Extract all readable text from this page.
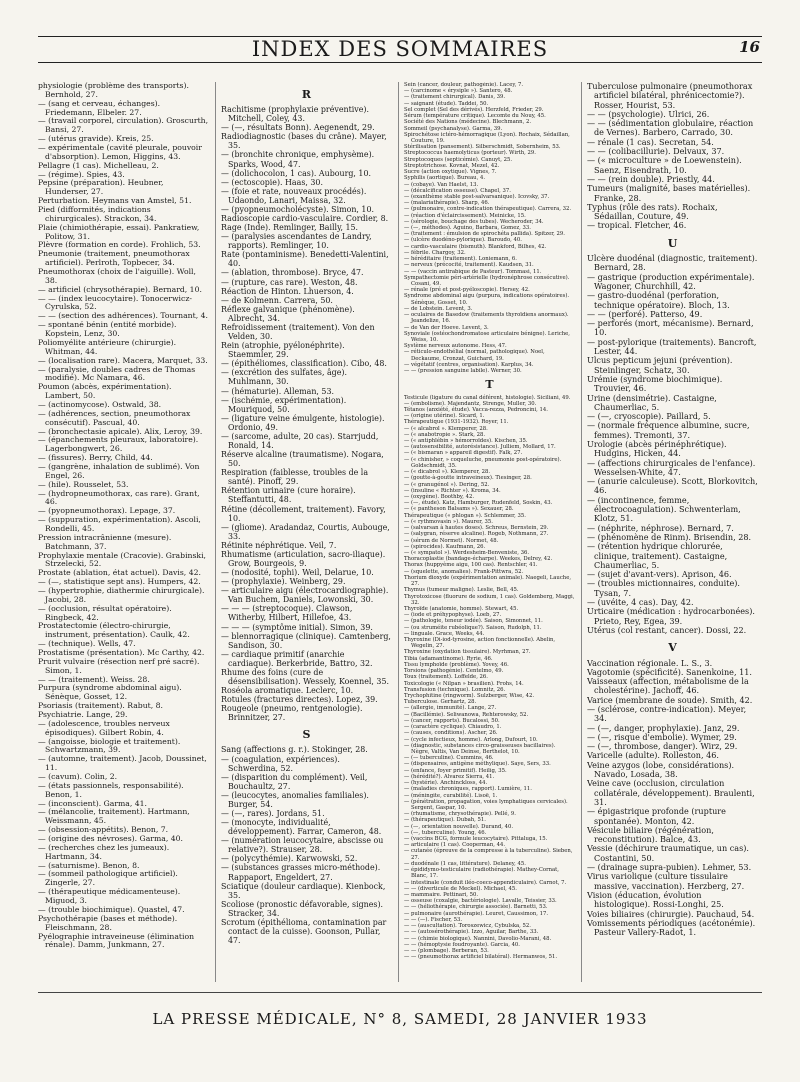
INDEX DES SOMMAIRES	16

physiologie (problème des transports). Bernhold, 27.

— (sang et cerveau, échanges). Friedemann, Elbeler. 27.

— (travail corporel, circulation). Groscurth, Bansi, 27.

— (utérus gravide). Kreis, 25.

— expérimentale (cavité pleurale, pouvoir d'absorption). Lemon, Higgins, 43.

Pellagre (1 cas). Michelleau, 2.

— (régime). Spies, 43.

Pepsine (préparation). Heubner, Hunderser, 27.

Perturbation. Heymans van Amstel, 51.

Pied (difformités, indications chirurgicales). Strackon, 34.

Plaie (chimiothérapie, essai). Pankratiew, Politow, 31.

Plèvre (formation en corde). Frohlich, 53.

Pneumonie (traitement, pneumothorax artificiel). Perlroth, Topbecer, 34.

Pneumothorax (choix de l'aiguille). Woll, 38.

— artificiel (chrysothérapie). Bernard, 10.

— — (index leucocytaire). Tonocerwicz-Cyrulska, 52.

— — (section des adhérences). Tournant, 4.

— spontané bénin (entité morbide). Kopstein, Lenz, 30.

Poliomyélite antérieure (chirurgie). Whitman, 44.

— (localisation rare). Macera, Marquet, 33.

— (paralysie, doubles cadres de Thomas modifié). Mc Namara, 46.

Poumon (abcès, expérimentation). Lambert, 50.

— (actinomycose). Ostwald, 38.

— (adhérences, section, pneumothorax consécutif). Pascual, 40.

— (bronchectasie apicale). Alix, Leroy, 39.

— (épanchements pleuraux, laboratoire). Lagerbongwert, 26.

— (fissures). Berry, Child, 44.

— (gangrène, inhalation de sublimé). Von Engel, 26.

— (hile). Rousselet, 53.

— (hydropneumothorax, cas rare). Grant, 46.

— (pyopneumothorax). Lepage, 37.

— (suppuration, expérimentation). Ascoli, Rondelli, 45.

Pression intracrânienne (mesure). Batchmann, 37.

Prophylaxie mentale (Cracovie). Grabinski, Strzelecki, 52.

Prostate (ablation, état actuel). Davis, 42.

— (—, statistique sept ans). Humpers, 42.

— (hypertrophie, diathermie chirurgicale). Jacobi, 28.

— (occlusion, résultat opératoire). Ringbeck, 42.

Prostatectomie (électro-chirurgie, instrument, présentation). Caulk, 42.

— (technique). Wells, 47.

Prostatisme (présentation). Mc Carthy, 42.

Prurit vulvaire (résection nerf pré sacré). Simon, 1.

— — (traitement). Weiss. 28.

Purpura (syndrome abdominal aigu). Sénèque, Gosset, 12.

Psoriasis (traitement). Rabut, 8.

Psychiatrie. Lange, 29.

— (adolescence, troubles nerveux épisodiques). Gilbert Robin, 4.

— (angoisse, biologie et traitement). Schwartzmann, 39.

— (automne, traitement). Jacob, Doussinet, 11.

— (cavum). Colin, 2.

— (états passionnels, responsabilité). Benon, 1.

— (inconscient). Garma, 41.

— (mélancolie, traitement). Hartmann, Weissmann, 45.

— (obsession-appétits). Benon, 7.

— (origine des névroses). Garma, 40.

— (recherches chez les jumeaux). Hartmann, 34.

— (saturnisme). Benon, 8.

— (sommeil pathologique artificiel). Zingerle, 27.

— (thérapeutique médicamenteuse). Miguod, 3.

— (trouble biochimique). Quastel, 47.

Psychothérapie (bases et méthode). Fleischmann, 28.

Pyélographie intraveineuse (élimination rénale). Damm, Junkmann, 27.

R

Rachitisme (prophylaxie préventive). Mitchell, Coley, 43.

— (—, résultats Bonn). Aegenendt, 29.

Radiodiagnostic (bases du crâne). Mayer, 35.

— (bronchite chronique, emphysème). Sparks, Wood, 47.

— (dolichocolon, 1 cas). Aubourg, 10.

— (ectoscopie). Haas, 30.

— (foie et rate, nouveaux procédés). Udaondo, Lanari, Maissa, 32.

— (pyopneumocholécyste). Simon, 10.

Radioscopie cardio-vasculaire. Cordier, 8.

Rage (Inde). Remlinger, Bailly, 15.

— (paralysies ascendantes de Landry, rapports). Remlinger, 10.

Rate (pontaminisme). Benedetti-Valentini, 40.

— (ablation, thrombose). Bryce, 47.

— (rupture, cas rare). Weston, 48.

Réaction de Hinton. Lhuerson, 4.

— de Kolmenn. Carrera, 50.

Réflexe galvanique (phénomène). Albrecht, 34.

Refroidissement (traitement). Von den Velden, 30.

Rein (atrophie, pyélonéphrite). Staemmler, 29.

— (épithéliomes, classification). Cibo, 48.

— (excrétion des sulfates, âge). Muhlmann, 30.

— (hématurie). Alleman, 53.

— (ischémie, expérimentation). Mouriquod, 50.

— (ligature veine émulgente, histologie). Ordonio, 49.

— (sarcome, adulte, 20 cas). Starrjudd, Ronald, 14.

Réserve alcaline (traumatisme). Nogara, 50.

Respiration (faiblesse, troubles de la santé). Pinoff, 29.

Rétention urinaire (cure horaire). Steffantutti, 48.

Rétine (décollement, traitement). Favory, 10.

— (gliome). Aradandaz, Courtis, Aubouge, 33.

Rétinite néphrétique. Veil, 7.

Rhumatisme (articulation, sacro-iliaque). Grow, Bourgeois, 9.

— (nodosité, tophi). Weil, Delarue, 10.

— (prophylaxie). Weinberg, 29.

— articulaire aigu (électrocardiographie). Van Buchem, Daniels, Lowonski, 30.

— — — (streptocoque). Clawson, Witherby, Hilbert, Hillefoe, 43.

— — — (symptôme initial). Simon, 39.

— blennorragique (clinique). Camtenberg, Sandison, 30.

— cardiaque primitif (anarchie cardiaque). Berkerbride, Battro, 32.

Rhume des foins (cure de désensibilisation). Wessely, Koennel, 35.

Roséola aromatique. Leclerc, 10.

Rotules (fractures directes). Lopez, 39.

Rougeole (pneumo, rentgenologie). Brinnitzer, 27.

S

Sang (affections g. r.). Stokinger, 28.

— (coagulation, expériences). Schwerdina, 52.

— (disparition du complément). Veil, Bouchaultz, 27.

— (leucocytes, anomalies familiales). Burger, 54.

— (—, rares). Jordans, 51.

— (monocyte, individualité, développement). Farrar, Cameron, 48.

— (numération leucocytaire, abscisse ou relative?). Strauser, 28.

— (polycythémie). Karwowski, 52.

— (substances grasses micro-méthode). Rappaport, Engeldert, 27.

Sciatique (douleur cardiaque). Kienbock, 35.

Scoliose (pronostic défavorable, signes). Stracker, 34.

Scrotum (épithélioma, contamination par contact de la cuisse). Goonson, Pullar, 47.

Sein (cancer, douleur, pathogénie). Lacey, 7.

— (carcinome « érysiple »). Santero, 48.

— (traitement chirurgical). Danis, 39.

— saignant (étude). Taddei, 50.

Sel complet (Sel des dérivés). Herzfeld, Frieder, 29.

Sérum (température critique). Lecomte du Nouy, 45.

Société des Nations (médecine). Blechmann, 2.

Sommeil (psychanalyse). Garma, 39.

Spirochétose ictéro-hémorragique (Lyon). Rochaix, Sédaillan, Couture, 19.

Stérilisation (pansement). Silberschmidt, Sobernheim, 53.

Streptococcus haemolyticus (porteur). Wirth, 29.

Streptocoques (septicémie). Canuyt, 25.

Streptotrichose. Kovnat, Mezel, 42.

Sucre (action oxytique). Vignes, 7.

Syphilis (aortique). Bureau, 4.

— (cobaye). Van Haelst, 13.

— (décalcification osseuse). Chapel, 37.

— (exanthème stable post-salvarsanique). Icovsky, 37.

— (malariathérapie). Sharp, 46.

— (pulmonaire, contre-indication thérapeutique). Carrera, 32.

— (réaction d'éclaircissement). Meinicke, 15.

— (sérologie, bouchage des tubes). Wecheroder, 34.

— (—, méthodes). Aguino, Barbara, Gomez, 33.

— (traitement : émulsion de spirochéta pallida). Spitzer, 29.

— (ulcère duodéno-pylorique). Baroudo, 40.

— cardio-vasculaire (bismuth). Blankford, Bilhes, 42.

— fébrile. Chargoy, 32.

— héréditaire (traitement). Loniemann, 6.

— nerveux (précocité, traitement). Kaudsen, 31.

— — (vaccin antirabique de Pasteur). Tommasi, 11.

Sympathectomie péri-artérielle (hydronéphrose consécutive). Cosani, 49.

— rénale (pré et post-pyéloscopie). Hersey, 42.

Syndrome abdominal aigu (purpura, indications opératoires). Sénèque, Gosset, 10.

— de Lobstein. Levent, 3.

— oculaires de Basedow (traitements thyroïdiens anormaux). Jeandelize, 16.

— de Van der Hoeve. Levent, 3.

Synoviale (ostéochondromatose articulaire bénigne). Leriche, Weiss, 10.

Système nerveux autonome. Hess, 47.

— réticulo-endothélial (normal, pathologique). Noel, Deckaume, Cronzat, Guichard, 19.

— végétatif (centres, organisation). Karplus, 34.

— — (pression sanguine labile). Werner, 30.

T

Testicule (ligature du canal déférent, histologie). Siciliani, 49.

— (embolisme). Majendantz, Strenge, Muller, 30.

Tétanos (anxiété, étude). Vacca-rezza, Pedroncini, 14.

— (origine utérine). Sicard, 1.

Thérapeutique (1931-1932). Royer, 11.

— (« alcabrol ». Klemperer, 28.

— (« anabotropie ». Stark, 28.

— (« antiphlébin » hémorroïdes). Kischen, 35.

— (autosensibilité, autorésistance). Julliem, Mollard, 17.

— (« bismaran » appareil digestif). Falk, 27.

— (« chinisher, » coqueluche, pneumonie post-opératoire). Goldschmidt, 35.

— (« dicabrol »). Klemperer, 28.

— (goutte-à-goutte intraveineux). Tiesinger, 28.

— (« granugénol »). Dering, 52.

— (insuline « Richter »). Kroma, 34.

— (oxygène). Boothby, 42.

— (—, étude). Katz, Hamburger, Rudenfeld, Soskin, 43.

— (« pantheson Balsams »). Sexauer, 28.

Thérapeutique (« phlogan »). Schlemmer, 35.

— (« rythmovasin »). Maurer, 35.

— (salvarsan à hautes doses). Schreus, Bernstein, 29.

— (salygran, réserve alcaline). Rogeb, Nothmann, 27.

— (sérum de Normet). Normet, 48.

— (spirocides). Kaufmann, 26.

— (« sympatol »). Werdesheim-Benveniste, 36.

Thoracoplastie (bandage-écharpe). Weekes, Delrey, 42.

Thorax (huppyème aigu, 100 cas). Rentschler, 41.

— (squelette, anomalies). Frank-Pittwra, 52.

Thorium dioxyde (expérimentation animale). Naegeli, Lauche, 27.

Thymus (tumeur maligne). Leslie, Bell, 45.

Thyrotoxicose (fluorure de sodium, 1 cas). Goldemberg, Maggi, 32.

Thyroïde (anatomie, homme). Stewart, 45.

— (iode et préhypophyse). Loeb, 27.

— (pathologie, teneur iodée). Saison, Simonnet, 11.

— (ou struméite rubéolique?). Saison, Rudolph, 11.

— linguale. Grace, Weeks, 44.

Thyroxine (Di-iod-tyrosine, action fonctionnelle). Abelin, Wegelin, 27.

Thyroxine (oxydation tissulaire). Myrhman, 27.

Tibia (adamantinome). Ryrie, 46.

Tissu lymphoïde (problème). Yovey, 46.

Torsions (pathogénie). Centelmo, 49.

Toux (traitement). Loffelde, 26.

Toxicologie (« Nilpan » brasilien). Frohs, 14.

Transfusion (technique). Lomnitz, 26.

Trychophitine (ringworm). Sulzberger, Wise, 42.

Tuberculose. Gerhartz, 28.

— (allergie, immunité). Lange, 27.

— (Bacillémie). Seliwanowa, Rehterowsky, 52.

— (cancer, rapports). Bucalossi, 50.

— (caractère cyclique). Chiaudro, 1.

— (causes, conditions). Ascher, 26.

— (cycle infectieux, homme). Arlong, Dufourt, 10.

— (diagnostic, substances circo-graisseuses bacillaires). Nègre, Valtis, Van Deinse, Berthelot, 10.

— (— tuberculine). Cummins, 46.

— (dispensaires, antigène méthylique). Saye, Sers, 33.

— (enfance, foyer primitif). Heilig, 35.

— (hérédité?). Alvarez Sierra, 41.

— (hystérie). Anchinckloss, 44.

— (maladies chroniques, rapport). Lumière, 11.

— (méningite, curabilité). Lisoë, 1.

— (pénétration, propagation, voies lymphatiques cervicales). Sergent, Gaspar, 10.

— (rhumatisme, chrysothérapie). Pellé, 9.

— (thérapeutique). Dubah, 51.

— (—, orientation nouvelle). Durand, 40.

— (—, tuberculine). Young, 46.

— (vaccins BCG, formule leucocytaire). Pittaluga, 15.

— articulaire (1 cas). Cooperman, 44.

— cutanée (épreuve de la compresse à la tuberculine). Sieben, 27.

— duodénale (1 cas, littérature). Delaney, 45.

— épididymo-testiculaire (radiothérapie). Mathey-Cornat, Blanc, 17.

— intestinale (conduit iléo-coeco-appendiculaire). Carnot, 7.

— — (diverticule de Meckel). Michael, 45.

— mammaire. Pettinari, 50.

— osseuse (coxalgie, bactériologie). Lavalle, Teissier, 33.

— — (héliothérapie, chirurgie associée). Barnetti, 53.

— pulmonaire (aurothérapie). Leuret, Caussimon, 17.

— — (—). Fischer, 53.

— — (auscultation). Toroszewicz, Cybulska, 52.

— — (autosérothérapie). Izzo, Aguilar, Barthe, 33.

— — (chimie biologique). Nannini, Davolio-Marani, 48.

— — (hémoptysie foudroyante). Garcia, 40.

— — (plombage). Berberan, 53.

— — (pneumothorax artificiel bilatéral). Hermanwos, 51.

Tuberculose pulmonaire (pneumothorax artificiel bilatéral, phrénicectomie?). Rosser, Hourist, 53.

— — (psychologie). Ulrici, 26.

— — (sédimentation globulaire, réaction de Vernes). Barbero, Carrado, 30.

— rénale (1 cas). Secretan, 54.

— — (colibacillurie). Delvaux, 37.

— (« microculture » de Loewenstein). Saenz, Eisendrath, 10.

— — (rein double). Priestly, 44.

Tumeurs (malignité, bases matérielles). Franke, 28.

Typhus (rôle des rats). Rochaix, Sédaillan, Couture, 49.

— tropical. Fletcher, 46.

U

Ulcère duodénal (diagnostic, traitement). Bernard, 28.

— gastrique (production expérimentale). Wagoner, Churchhill, 42.

— gastro-duodénal (perforation, technique opératoire). Bloch, 13.

— — (perforé). Patterso, 49.

— perforés (mort, mécanisme). Bernard, 10.

— post-pylorique (traitements). Bancroft, Lester, 44.

Ulcus pepticum jejuni (prévention). Steinlinger, Schatz, 30.

Urémie (syndrome biochimique). Trouvier, 46.

Urine (densimétrie). Castaigne, Chaumerliac, 5.

— (—, cryoscopie). Paillard, 5.

— (normale fréquence albumine, sucre, femmes). Tremonti, 37.

Urologie (abcès périnéphrétique). Hudgins, Hicken, 44.

— (affections chirurgicales de l'enfance). Wesselsen-White, 47.

— (anurie calculeuse). Scott, Blorkovitch, 46.

— (incontinence, femme, électrocoagulation). Schwenterlam, Klotz, 51.

— (néphrite, néphrose). Bernard, 7.

— (phénomène de Rinm). Brisendin, 28.

— (rétention hydrique chlorurée, clinique, traitement). Castaigne, Chaumerliac, 5.

— (sujet d'avant-vers). Aprison, 46.

— (troubles mictionnaires, conduite). Tysan, 7.

— (uvéite, 4 cas). Day, 42.

Urticaire (médication : hydrocarbonées). Prieto, Rey, Egea, 39.

Utérus (col restant, cancer). Dossi, 22.

V

Vaccination régionale. L. S., 3.

Vagotomie (spécificité). Sanenkoine, 11.

Vaisseaux (affection, métabolisme de la cholestérine). Jachoff, 46.

Varice (membrane de soude). Smith, 42.

— (sclérose, contre-indication). Meyer, 34.

— (—, danger, prophylaxie). Janz, 29.

— (—, risque d'embolie). Wymer, 29.

— (—, thrombose, danger). Wirz, 29.

Varicelle (adulte). Rolleston, 46.

Veine azygos (lobe, considérations). Navado, Losada, 38.

Veine cave (occlusion, circulation collatérale, développement). Braulenti, 31.

— épigastrique profonde (rupture spontanée). Monton, 42.

Vésicule biliaire (régénération, reconstitution). Balce, 43.

Vessie (déchirure traumatique, un cas). Costantini, 50.

— (drainage supra-pubien). Lehmer, 53.

Virus variolique (culture tissulaire massive, vaccination). Herzberg, 27.

Vision (éducation, évolution histologique). Rossi-Longhi, 25.

Voies biliaires (chirurgie). Pauchaud, 54.

Vomissements périodiques (acétonémie). Pasteur Vallery-Radot, 1.

LA PRESSE MÉDICALE, N° 8, SAMEDI, 28 JANVIER 1933
